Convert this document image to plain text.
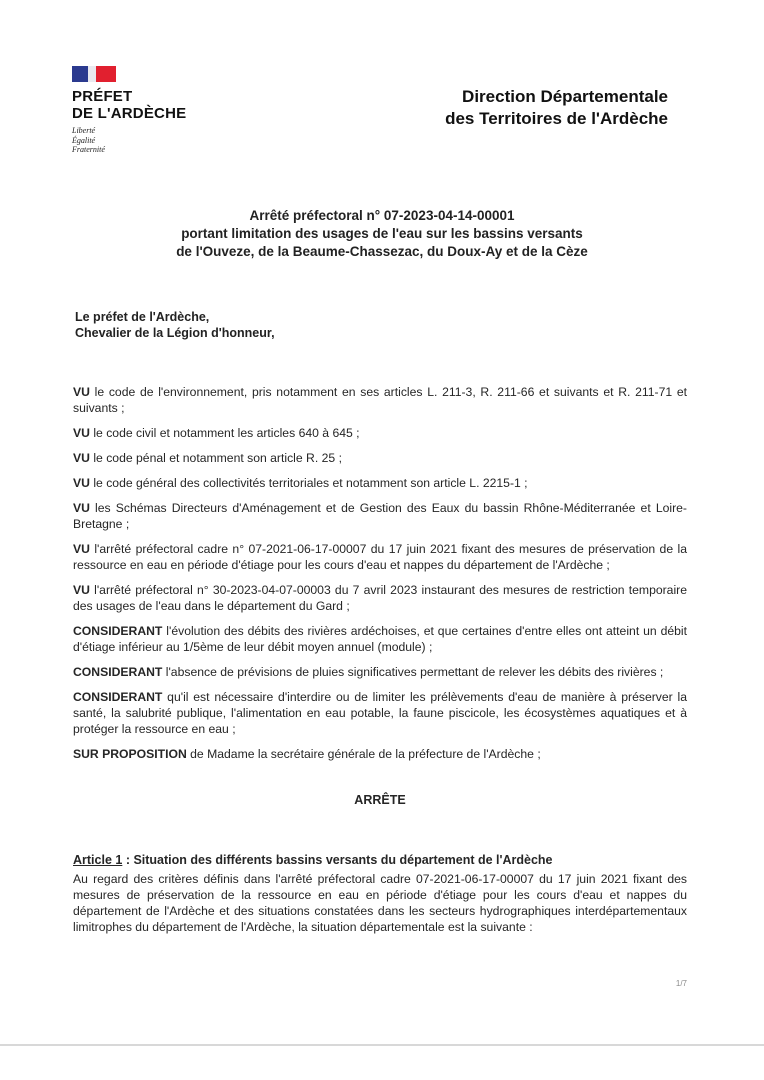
PRÉFET
DE L'ARDÈCHE
Liberté
Égalité
Fraternité
Direction Départementale
des Territoires de l'Ardèche
Arrêté préfectoral n° 07-2023-04-14-00001
portant limitation des usages de l'eau sur les bassins versants
de l'Ouveze, de la Beaume-Chassezac, du Doux-Ay et de la Cèze
Le préfet de l'Ardèche,
Chevalier de la Légion d'honneur,

VU le code de l'environnement, pris notamment en ses articles L. 211-3, R. 211-66 et suivants et R. 211-71 et suivants ;

VU le code civil et notamment les articles 640 à 645 ;

VU le code pénal et notamment son article R. 25 ;

VU le code général des collectivités territoriales et notamment son article L. 2215-1 ;

VU les Schémas Directeurs d'Aménagement et de Gestion des Eaux du bassin Rhône-Méditerranée et Loire-Bretagne ;

VU l'arrêté préfectoral cadre n° 07-2021-06-17-00007 du 17 juin 2021 fixant des mesures de préservation de la ressource en eau en période d'étiage pour les cours d'eau et nappes du département de l'Ardèche ;

VU l'arrêté préfectoral n° 30-2023-04-07-00003 du 7 avril 2023 instaurant des mesures de restriction temporaire des usages de l'eau dans le département du Gard ;

CONSIDERANT l'évolution des débits des rivières ardéchoises, et que certaines d'entre elles ont atteint un débit d'étiage inférieur au 1/5ème de leur débit moyen annuel (module) ;

CONSIDERANT l'absence de prévisions de pluies significatives permettant de relever les débits des rivières ;

CONSIDERANT qu'il est nécessaire d'interdire ou de limiter les prélèvements d'eau de manière à préserver la santé, la salubrité publique, l'alimentation en eau potable, la faune piscicole, les écosystèmes aquatiques et à protéger la ressource en eau ;

SUR PROPOSITION de Madame la secrétaire générale de la préfecture de l'Ardèche ;

ARRÊTE
Article 1 : Situation des différents bassins versants du département de l'Ardèche

Au regard des critères définis dans l'arrêté préfectoral cadre 07-2021-06-17-00007 du 17 juin 2021 fixant des mesures de préservation de la ressource en eau en période d'étiage pour les cours d'eau et nappes du département de l'Ardèche et des situations constatées dans les secteurs hydrographiques interdépartementaux limitrophes du département de l'Ardèche, la situation départementale est la suivante :

1/7
